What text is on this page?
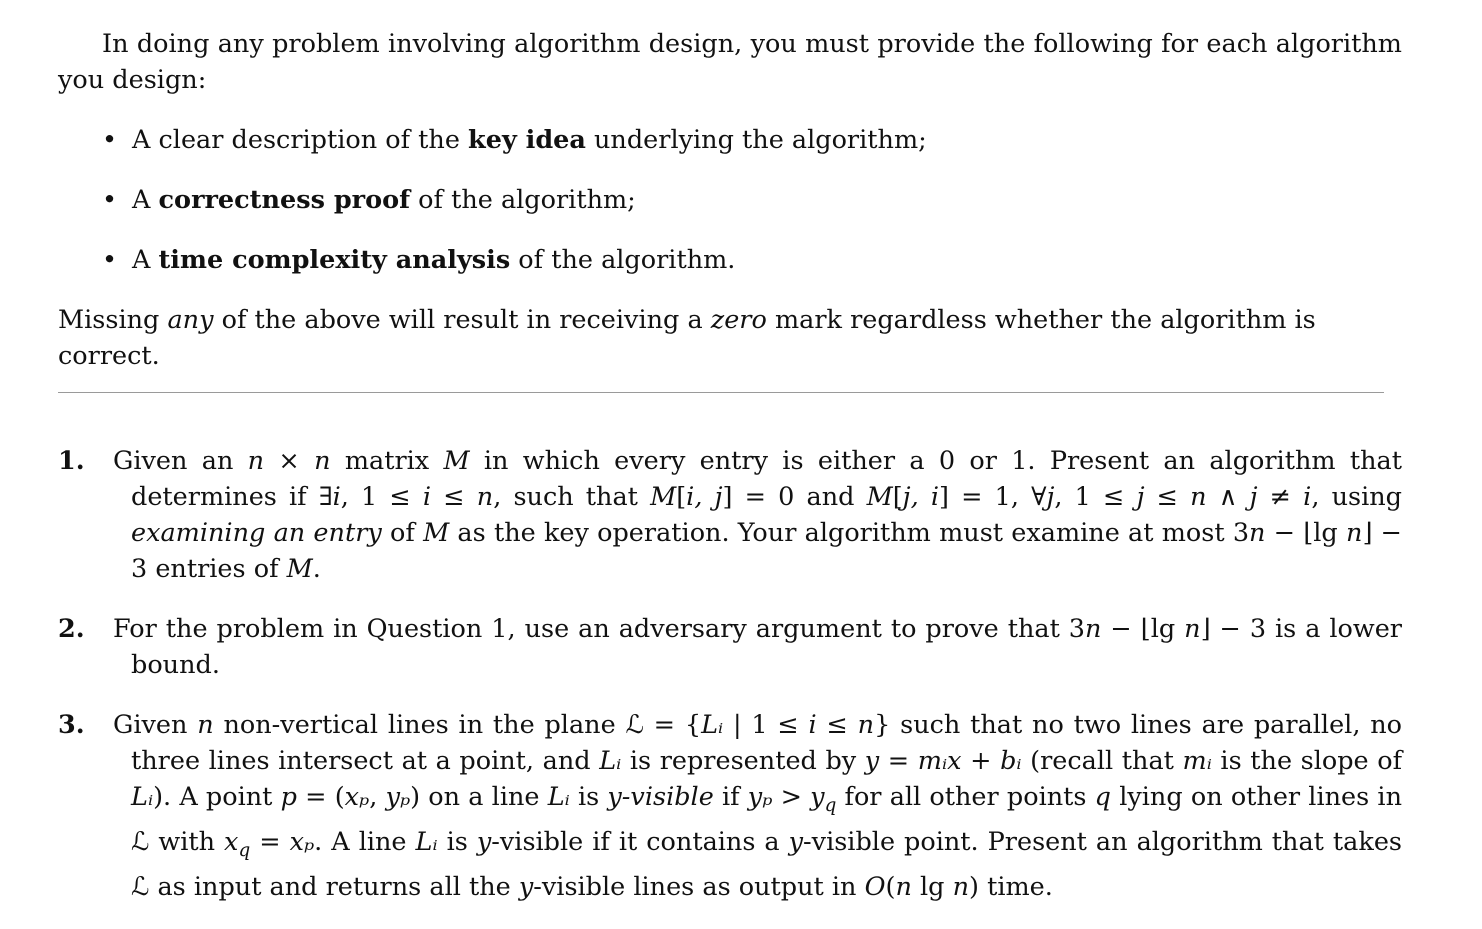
In doing any problem involving algorithm design, you must provide the following for each algorithm you design:

• A clear description of the key idea underlying the algorithm;
• A correctness proof of the algorithm;
• A time complexity analysis of the algorithm.

Missing any of the above will result in receiving a zero mark regardless whether the algorithm is correct.

1. Given an n × n matrix M in which every entry is either a 0 or 1. Present an algorithm that determines if ∃i, 1 ≤ i ≤ n, such that M[i, j] = 0 and M[j, i] = 1, ∀j, 1 ≤ j ≤ n ∧ j ≠ i, using examining an entry of M as the key operation. Your algorithm must examine at most 3n − ⌊lg n⌋ − 3 entries of M.
2. For the problem in Question 1, use an adversary argument to prove that 3n − ⌊lg n⌋ − 3 is a lower bound.
3. Given n non-vertical lines in the plane ℒ = {Lᵢ | 1 ≤ i ≤ n} such that no two lines are parallel, no three lines intersect at a point, and Lᵢ is represented by y = mᵢx + bᵢ (recall that mᵢ is the slope of Lᵢ). A point p = (xₚ, yₚ) on a line Lᵢ is y-visible if $y_p > y_q$ for all other points q lying on other lines in ℒ with $x_q = x_p$. A line Lᵢ is y-visible if it contains a y-visible point. Present an algorithm that takes ℒ as input and returns all the y-visible lines as output in O(n lg n) time.
